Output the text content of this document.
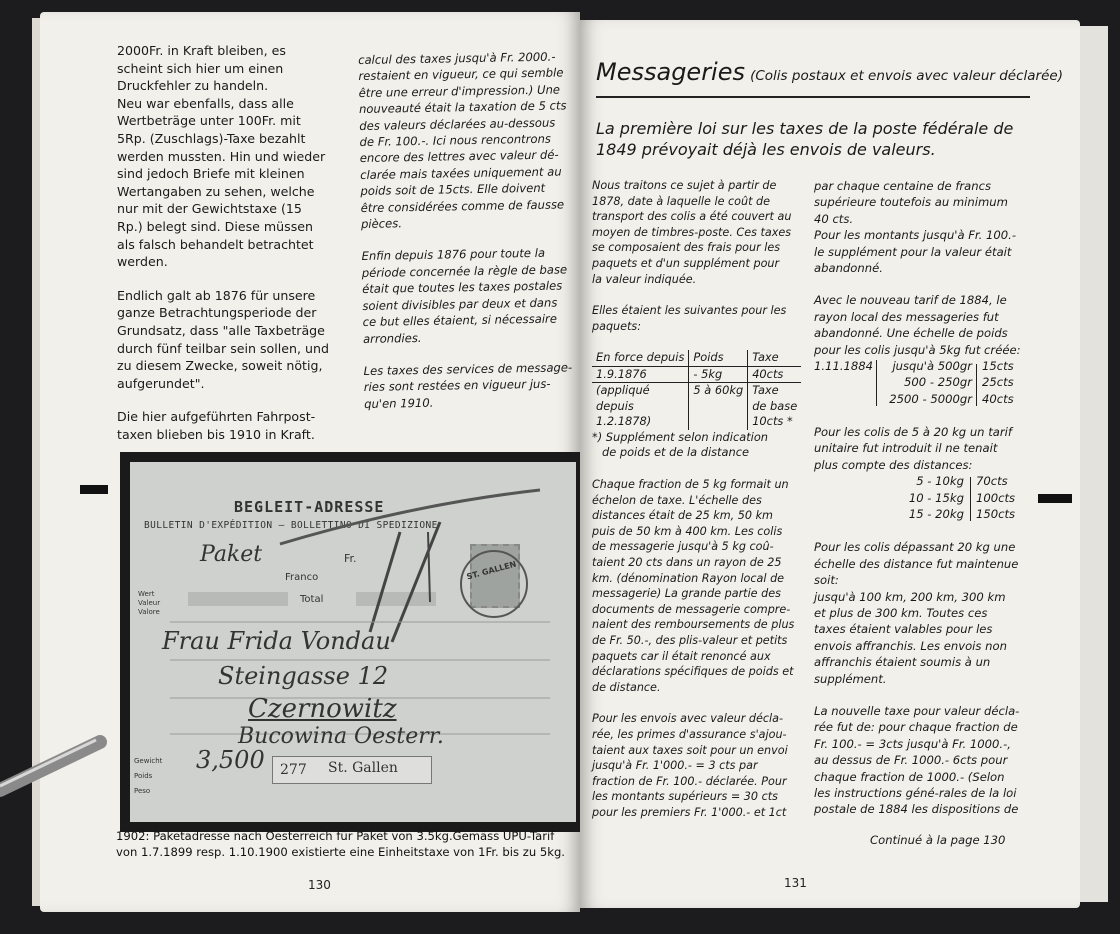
2000Fr. in Kraft bleiben, es
scheint sich hier um einen
Druckfehler zu handeln.
Neu war ebenfalls, dass alle
Wertbeträge unter 100Fr. mit
5Rp. (Zuschlags)-Taxe bezahlt
werden mussten. Hin und wieder
sind jedoch Briefe mit kleinen
Wertangaben zu sehen, welche
nur mit der Gewichtstaxe (15
Rp.) belegt sind. Diese müssen
als falsch behandelt betrachtet
werden.
Endlich galt ab 1876 für unsere
ganze Betrachtungsperiode der
Grundsatz, dass "alle Taxbeträge
durch fünf teilbar sein sollen, und
zu diesem Zwecke, soweit nötig,
aufgerundet".
Die hier aufgeführten Fahrpost-
taxen blieben bis 1910 in Kraft.
calcul des taxes jusqu'à Fr. 2000.-
restaient en vigueur, ce qui semble
être une erreur d'impression.) Une
nouveauté était la taxation de 5 cts
des valeurs déclarées au-dessous
de Fr. 100.-. Ici nous rencontrons
encore des lettres avec valeur dé-
clarée mais taxées uniquement au
poids soit de 15cts. Elle doivent
être considérées comme de fausse
pièces.
Enfin depuis 1876 pour toute la
période concernée la règle de base
était que toutes les taxes postales
soient divisibles par deux et dans
ce but elles étaient, si nécessaire
arrondies.
Les taxes des services de message-
ries sont restées en vigueur jus-
qu'en 1910.
BEGLEIT-ADRESSE
BULLETIN D'EXPÉDITION — BOLLETTINO DI SPEDIZIONE
Paket	Fr.
Franco
Wert Valeur Valore
Total
ST. GALLEN
Frau Frida Vondau
Steingasse 12
Czernowitz
Bucowina Oesterr.
Gewicht Poids Peso
3,500 277 St. Gallen
1902: Paketadresse nach Oesterreich für Paket von 3.5kg.Gemäss UPU-Tarif
von 1.7.1899 resp. 1.10.1900 existierte eine Einheitstaxe von 1Fr. bis zu 5kg.
130
Messageries (Colis postaux et envois avec valeur déclarée)
La première loi sur les taxes de la poste fédérale de
1849 prévoyait déjà les envois de valeurs.
Nous traitons ce sujet à partir de
1878, date à laquelle le coût de
transport des colis a été couvert au
moyen de timbres-poste. Ces taxes
se composaient des frais pour les
paquets et d'un supplément pour
la valeur indiquée.
Elles étaient les suivantes pour les
paquets:
En force depuis	Poids	Taxe
1.9.1876	- 5kg	40cts
(appliqué	5 à 60kg	Taxe
depuis		de base
1.2.1878)		10cts *
*) Supplément selon indication
de poids et de la distance
Chaque fraction de 5 kg formait un
échelon de taxe. L'échelle des
distances était de 25 km, 50 km
puis de 50 km à 400 km. Les colis
de messagerie jusqu'à 5 kg coû-
taient 20 cts dans un rayon de 25
km. (dénomination Rayon local de
messagerie) La grande partie des
documents de messagerie compre-
naient des remboursements de plus
de Fr. 50.-, des plis-valeur et petits
paquets car il était renoncé aux
déclarations spécifiques de poids et
de distance.
Pour les envois avec valeur décla-
rée, les primes d'assurance s'ajou-
taient aux taxes soit pour un envoi
jusqu'à Fr. 1'000.- = 3 cts par
fraction de Fr. 100.- déclarée. Pour
les montants supérieurs = 30 cts
pour les premiers Fr. 1'000.- et 1ct
par chaque centaine de francs
supérieure toutefois au minimum
40 cts.
Pour les montants jusqu'à Fr. 100.-
le supplément pour la valeur était
abandonné.
Avec le nouveau tarif de 1884, le
rayon local des messageries fut
abandonné. Une échelle de poids
pour les colis jusqu'à 5kg fut créée:
1.11.1884 jusqu'à 500gr 15cts
500 - 250gr 25cts
2500 - 5000gr 40cts
Pour les colis de 5 à 20 kg un tarif
unitaire fut introduit il ne tenait
plus compte des distances:
5 - 10kg 70cts
10 - 15kg 100cts
15 - 20kg 150cts
Pour les colis dépassant 20 kg une
échelle des distance fut maintenue
soit:
jusqu'à 100 km, 200 km, 300 km
et plus de 300 km. Toutes ces
taxes étaient valables pour les
envois affranchis. Les envois non
affranchis étaient soumis à un
supplément.
La nouvelle taxe pour valeur décla-
rée fut de: pour chaque fraction de
Fr. 100.- = 3cts jusqu'à Fr. 1000.-,
au dessus de Fr. 1000.- 6cts pour
chaque fraction de 1000.- (Selon
les instructions géné-rales de la loi
postale de 1884 les dispositions de
Continué à la page 130
131
